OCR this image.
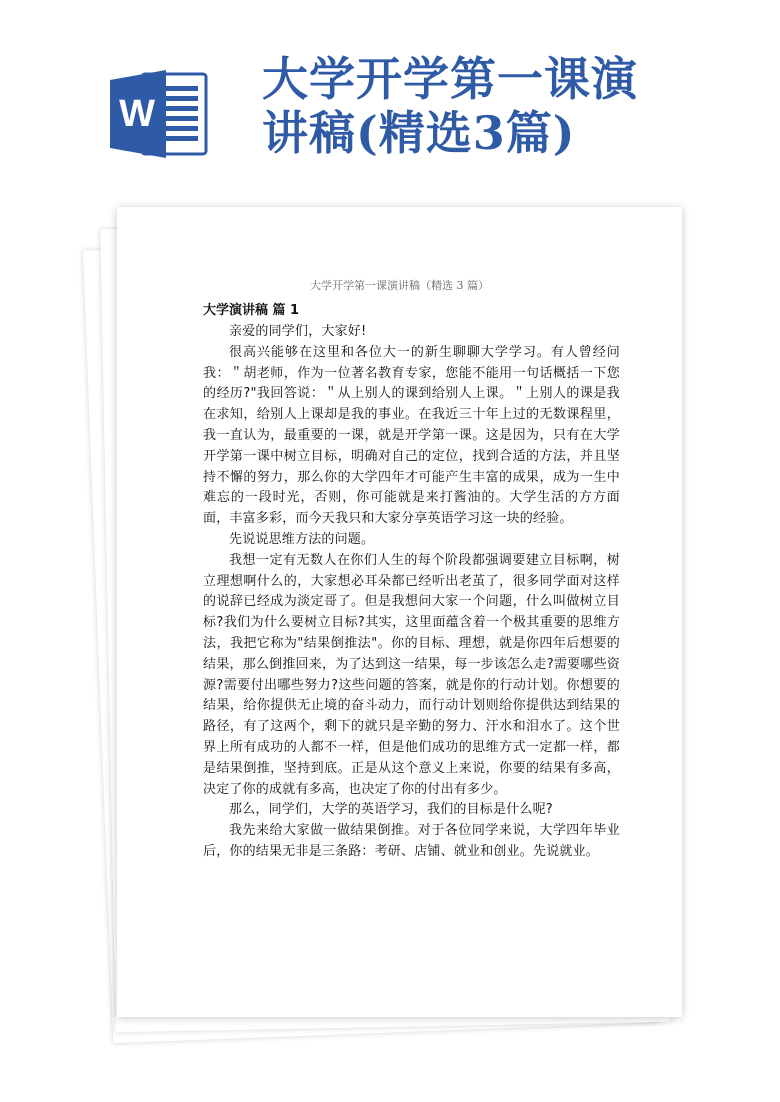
W
大学开学第一课演
讲稿(精选3篇)
大学开学第一课演讲稿（精选 3 篇）
大学演讲稿 篇 1

亲爱的同学们，大家好!

很高兴能够在这里和各位大一的新生聊聊大学学习。有人曾经问我：＂胡老师，作为一位著名教育专家，您能不能用一句话概括一下您的经历?"我回答说：＂从上别人的课到给别人上课。＂上别人的课是我在求知，给别人上课却是我的事业。在我近三十年上过的无数课程里，我一直认为，最重要的一课，就是开学第一课。这是因为，只有在大学开学第一课中树立目标，明确对自己的定位，找到合适的方法，并且坚持不懈的努力，那么你的大学四年才可能产生丰富的成果，成为一生中难忘的一段时光，否则，你可能就是来打酱油的。大学生活的方方面面，丰富多彩，而今天我只和大家分享英语学习这一块的经验。

先说说思维方法的问题。

我想一定有无数人在你们人生的每个阶段都强调要建立目标啊，树立理想啊什么的，大家想必耳朵都已经听出老茧了，很多同学面对这样的说辞已经成为淡定哥了。但是我想问大家一个问题，什么叫做树立目标?我们为什么要树立目标?其实，这里面蕴含着一个极其重要的思维方法，我把它称为"结果倒推法"。你的目标、理想，就是你四年后想要的结果，那么倒推回来，为了达到这一结果，每一步该怎么走?需要哪些资源?需要付出哪些努力?这些问题的答案，就是你的行动计划。你想要的结果，给你提供无止境的奋斗动力，而行动计划则给你提供达到结果的路径，有了这两个，剩下的就只是辛勤的努力、汗水和泪水了。这个世界上所有成功的人都不一样，但是他们成功的思维方式一定都一样，都是结果倒推，坚持到底。正是从这个意义上来说，你要的结果有多高，决定了你的成就有多高，也决定了你的付出有多少。

那么，同学们，大学的英语学习，我们的目标是什么呢?

我先来给大家做一做结果倒推。对于各位同学来说，大学四年毕业后，你的结果无非是三条路：考研、店铺、就业和创业。先说就业。
